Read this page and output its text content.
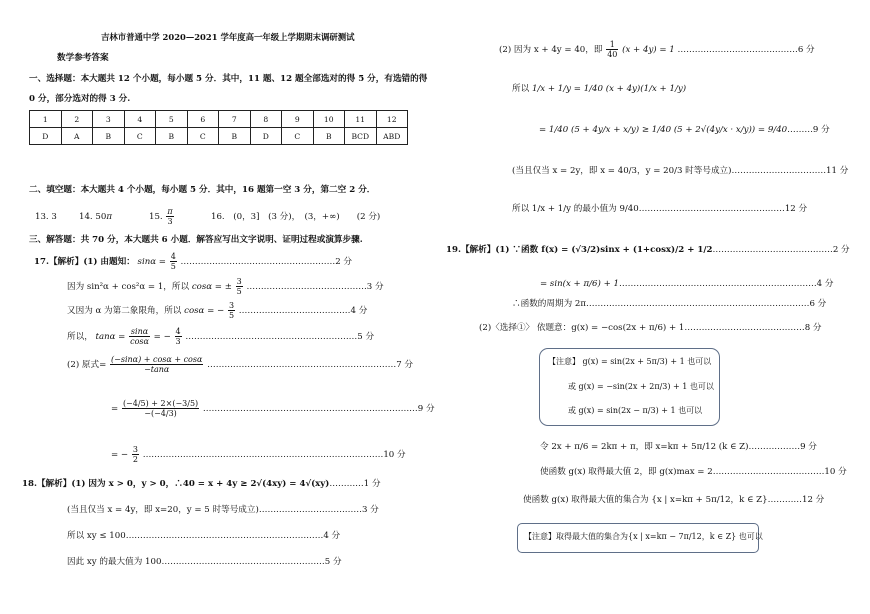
吉林市普通中学 2020—2021 学年度高一年级上学期期末调研测试
数学参考答案
一、选择题：本大题共 12 个小题，每小题 5 分．其中，11 题、12 题全部选对的得 5 分，有选错的得
0 分，部分选对的得 3 分.
1	2	3	4	5	6	7	8	9	10	11	12
D	A	B	C	B	C	B	D	C	B	BCD	ABD
二、填空题：本大题共 4 个小题，每小题 5 分．其中，16 题第一空 3 分，第二空 2 分．
13. 3	14. 50π	15. $\frac{\pi}{3}$	16.　(0，3]　(3 分)，　(3，+∞)　　(2 分)
三、解答题：共 70 分，本大题共 6 小题．解答应写出文字说明、证明过程或演算步骤.
17.【解析】(1) 由题知： $\sin\alpha = \frac{4}{5}$ ………………………………………………2 分
因为 sin²α + cos²α = 1，所以 cosα = ± $\frac{3}{5}$ ……………………………………3 分
又因为 α 为第二象限角，所以 cosα = − $\frac{3}{5}$ …………………………………4 分
所以， $\tan\alpha = \frac{\sin\alpha}{\cos\alpha}$ = − $\frac{4}{3}$ ……………………………………………………5 分
(2) 原式= $\frac{(-\sin\alpha) + \cos\alpha + \cos\alpha}{-\tan\alpha}$ …………………………………………………………7 分
= $\frac{(-4/5) + 2\times(-3/5)}{-(-4/3)}$ …………………………………………………………………9 分
= − $\frac{3}{2}$ …………………………………………………………………………10 分
18.【解析】(1) 因为 x > 0，y > 0，∴40 = x + 4y ≥ 2√(4xy) = 4√(xy)…………1 分
(当且仅当 x = 4y，即 x=20，y = 5 时等号成立)………………………………3 分
所以 xy ≤ 100……………………………………………………………4 分
因此 xy 的最大值为 100…………………………………………………5 分
(2) 因为 x + 4y = 40，即 $\frac{1}{40} (x + 4y) = 1$ ……………………………………6 分
所以 1/x + 1/y = 1/40 (x + 4y)(1/x + 1/y)
= 1/40 (5 + 4y/x + x/y) ≥ 1/40 (5 + 2√(4y/x · x/y)) = 9/40………9 分
(当且仅当 x = 2y，即 x = 40/3，y = 20/3 时等号成立)……………………………11 分
所以 1/x + 1/y 的最小值为 9/40……………………………………………12 分
19.【解析】(1) ∵函数 f(x) = (√3/2)sinx + (1+cosx)/2 + 1/2……………………………………2 分
= sin(x + π/6) + 1……………………………………………………………4 分
∴函数的周期为 2π……………………………………………………………………6 分
(2)〈选择①〉 依题意：g(x) = −cos(2x + π/6) + 1……………………………………8 分
【注意】 g(x) = sin(2x + 5π/3) + 1 也可以
或 g(x) = −sin(2x + 2π/3) + 1 也可以
或 g(x) = sin(2x − π/3) + 1 也可以
令 2x + π/6 = 2kπ + π，即 x=kπ + 5π/12 (k ∈ Z)………………9 分
使函数 g(x) 取得最大值 2，即 g(x)max = 2…………………………………10 分
使函数 g(x) 取得最大值的集合为 {x | x=kπ + 5π/12，k ∈ Z}…………12 分
【注意】取得最大值的集合为{x | x=kπ − 7π/12，k ∈ Z} 也可以
